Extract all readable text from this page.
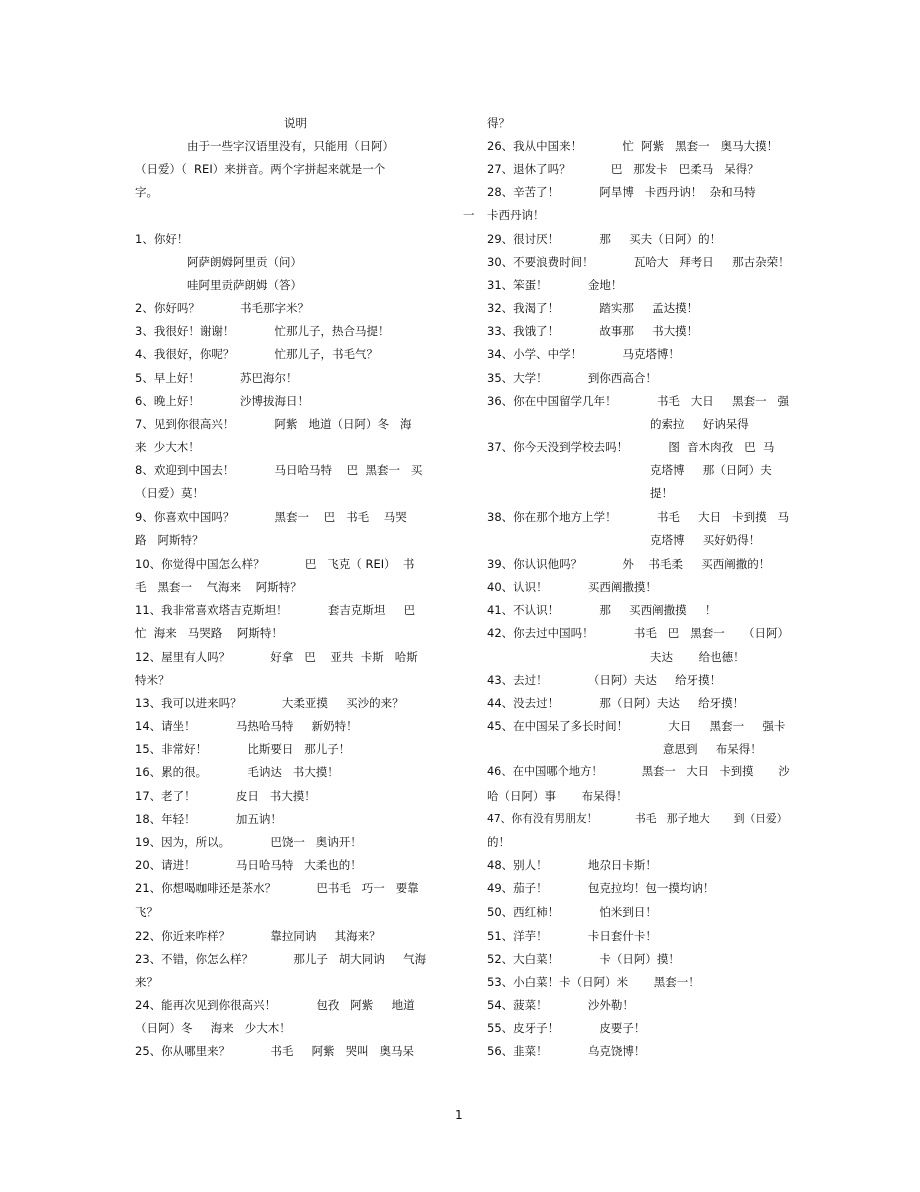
说明
由于一些字汉语里没有，只能用（日阿）
（日爱）（  REI）来拼音。两个字拼起来就是一个
字。
1、你好！
阿萨朗姆阿里贡（问）
哇阿里贡萨朗姆（答）
2、你好吗？           书毛那字米？
3、我很好！谢谢！           忙那儿子，热合马提！
4、我很好，你呢？           忙那儿子，书毛气？
5、早上好！           苏巴海尔！
6、晚上好！           沙博拔海日！
7、见到你很高兴！           阿紫   地道（日阿）冬   海
来  少大木！
8、欢迎到中国去！           马日哈马特    巴  黑套一   买
（日爱）莫！
9、你喜欢中国吗？           黑套一    巴   书毛    马哭
路   阿斯特？
10、你觉得中国怎么样？           巴   飞克（ REI）  书
毛   黑套一    气海来    阿斯特？
11、我非常喜欢塔吉克斯坦！           套吉克斯坦     巴
忙  海来   马哭路    阿斯特！
12、屋里有人吗？           好拿   巴    亚共  卡斯   哈斯
特米？
13、我可以进来吗？           大柔亚摸     买沙的来？
14、请坐！           马热哈马特     新奶特！
15、非常好！           比斯要日   那儿子！
16、累的很。           毛讷达   书大摸！
17、老了！           皮日   书大摸！
18、年轻！           加五讷！
19、因为，所以。           巴饶一   奥讷开！
20、请进！           马日哈马特   大柔也的！
21、你想喝咖啡还是茶水？           巴书毛   巧一   要靠
飞？
22、你近来咋样？           靠拉同讷     其海来？
23、不错，你怎么样？           那儿子   胡大同讷     气海
来？
24、能再次见到你很高兴！           包孜   阿紫     地道
（日阿）冬     海来   少大木！
25、你从哪里来？           书毛     阿紫   哭叫   奥马呆
得？
26、我从中国来！           忙  阿紫   黑套一   奥马大摸！
27、退休了吗？           巴   那发卡   巴柔马   呆得？
28、辛苦了！           阿旱博   卡西丹讷！  杂和马特
一 卡西丹讷！
29、很讨厌！           那     买夫（日阿）的！
30、不要浪费时间！           瓦哈大   拜考日     那古杂荣！
31、笨蛋！           金地！
32、我渴了！           踏实那     孟达摸！
33、我饿了！           故事那     书大摸！
34、小学、中学！           马克塔博！
35、大学！           到你西高合！
36、你在中国留学几年！           书毛   大日     黑套一   强
的索拉     好讷呆得
37、你今天没到学校去吗！           图  音木肉孜   巴  马
克塔博     那（日阿）夫
提！
38、你在那个地方上学！           书毛     大日   卡到摸   马
克塔博     买好奶得！
39、你认识他吗？           外    书毛柔     买西阐撒的！
40、认识！           买西阐撒摸！
41、不认识！           那     买西阐撒摸     ！
42、你去过中国吗！           书毛   巴   黑套一     （日阿）
夫达       给也德！
43、去过！           （日阿）夫达     给牙摸！
44、没去过！           那（日阿）夫达     给牙摸！
45、在中国呆了多长时间！           大日     黑套一     强卡
意思到     布呆得！
46、在中国哪个地方！           黑套一   大日   卡到摸       沙
哈（日阿）事       布呆得！
47、你有没有男朋友！           书毛   那子地大       到（日爱）
的！
48、别人！           地尕日卡斯！
49、茄子！           包克拉均！包一摸均讷！
50、西红柿！           怕米到日！
51、洋芋！           卡日套什卡！
52、大白菜！           卡（日阿）摸！
53、小白菜！卡（日阿）米       黑套一！
54、菠菜！           沙外勒！
55、皮牙子！           皮要子！
56、韭菜！           乌克饶博！
1
